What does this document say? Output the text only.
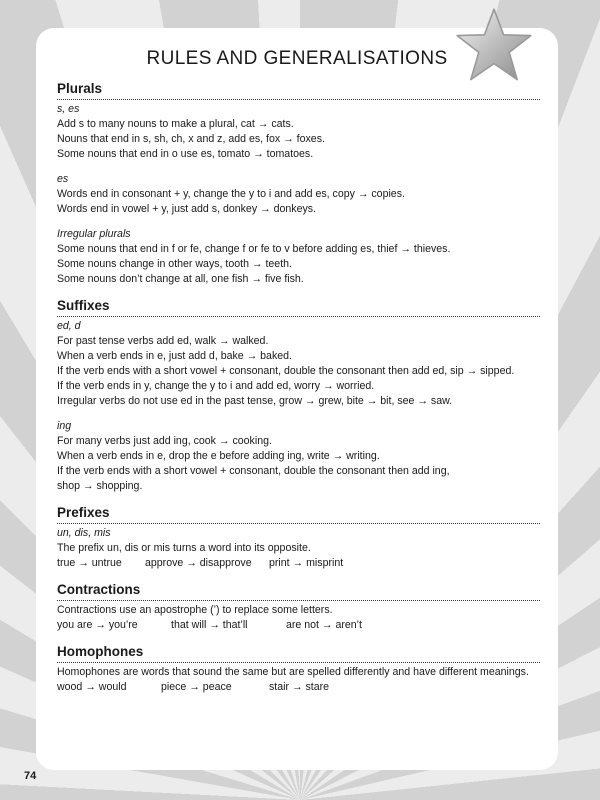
RULES AND GENERALISATIONS
Plurals

s, es

Add s to many nouns to make a plural, cat → cats.

Nouns that end in s, sh, ch, x and z, add es, fox → foxes.

Some nouns that end in o use es, tomato → tomatoes.

es

Words end in consonant + y, change the y to i and add es, copy → copies.

Words end in vowel + y, just add s, donkey → donkeys.

Irregular plurals

Some nouns that end in f or fe, change f or fe to v before adding es, thief → thieves.

Some nouns change in other ways, tooth → teeth.

Some nouns don’t change at all, one fish → five fish.

Suffixes

ed, d

For past tense verbs add ed, walk → walked.

When a verb ends in e, just add d, bake → baked.

If the verb ends with a short vowel + consonant, double the consonant then add ed, sip → sipped.

If the verb ends in y, change the y to i and add ed, worry → worried.

Irregular verbs do not use ed in the past tense, grow → grew, bite → bit, see → saw.

ing

For many verbs just add ing, cook → cooking.

When a verb ends in e, drop the e before adding ing, write → writing.

If the verb ends with a short vowel + consonant, double the consonant then add ing,

shop → shopping.

Prefixes

un, dis, mis

The prefix un, dis or mis turns a word into its opposite.

true → untrue	approve → disapprove	print → misprint
Contractions

Contractions use an apostrophe (’) to replace some letters.

you are → you’re	that will → that’ll	are not → aren’t
Homophones

Homophones are words that sound the same but are spelled differently and have different meanings.

wood → would	piece → peace	stair → stare
74
